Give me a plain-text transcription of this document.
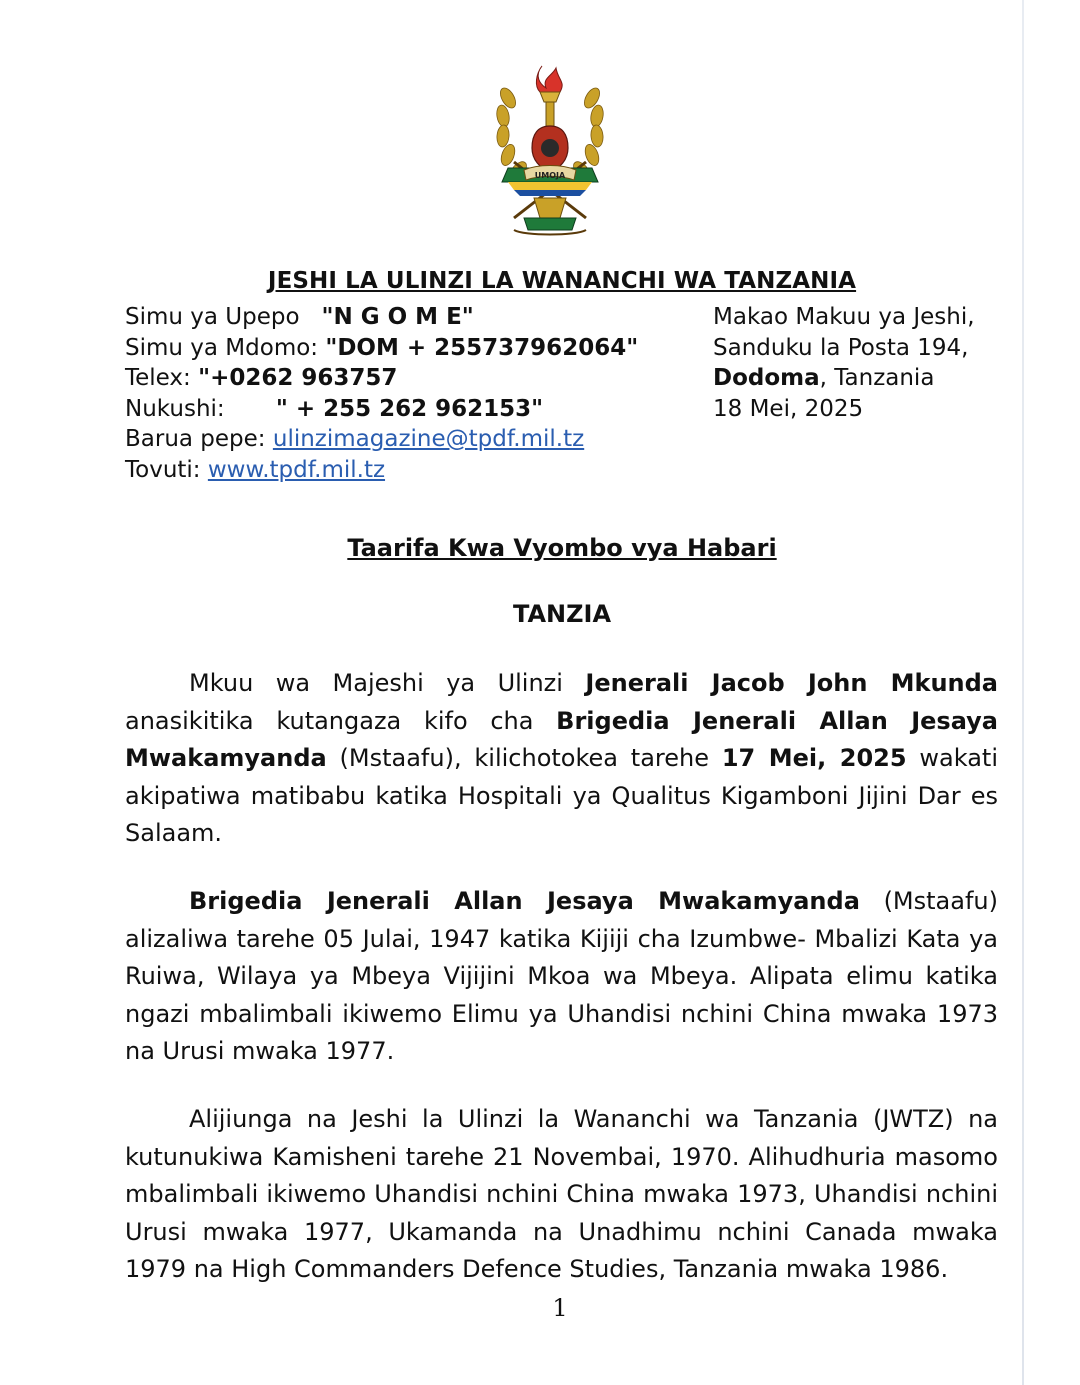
UMOJA
JESHI LA ULINZI LA WANANCHI WA TANZANIA
Simu ya Upepo "N G O M E"
Simu ya Mdomo: "DOM + 255737962064"
Telex: "+0262 963757
Nukushi: " + 255 262 962153"
Barua pepe: ulinzimagazine@tpdf.mil.tz
Tovuti: www.tpdf.mil.tz
Makao Makuu ya Jeshi,
Sanduku la Posta 194,
Dodoma, Tanzania
18 Mei, 2025
Taarifa Kwa Vyombo vya Habari
TANZIA
Mkuu wa Majeshi ya Ulinzi Jenerali Jacob John Mkunda anasikitika kutangaza kifo cha Brigedia Jenerali Allan Jesaya Mwakamyanda (Mstaafu), kilichotokea tarehe 17 Mei, 2025 wakati akipatiwa matibabu katika Hospitali ya Qualitus Kigamboni Jijini Dar es Salaam.
Brigedia Jenerali Allan Jesaya Mwakamyanda (Mstaafu) alizaliwa tarehe 05 Julai, 1947 katika Kijiji cha Izumbwe- Mbalizi Kata ya Ruiwa, Wilaya ya Mbeya Vijijini Mkoa wa Mbeya. Alipata elimu katika ngazi mbalimbali ikiwemo Elimu ya Uhandisi nchini China mwaka 1973 na Urusi mwaka 1977.
Alijiunga na Jeshi la Ulinzi la Wananchi wa Tanzania (JWTZ) na kutunukiwa Kamisheni tarehe 21 Novembai, 1970. Alihudhuria masomo mbalimbali ikiwemo Uhandisi nchini China mwaka 1973, Uhandisi nchini Urusi mwaka 1977, Ukamanda na Unadhimu nchini Canada mwaka 1979 na High Commanders Defence Studies, Tanzania mwaka 1986.
1
